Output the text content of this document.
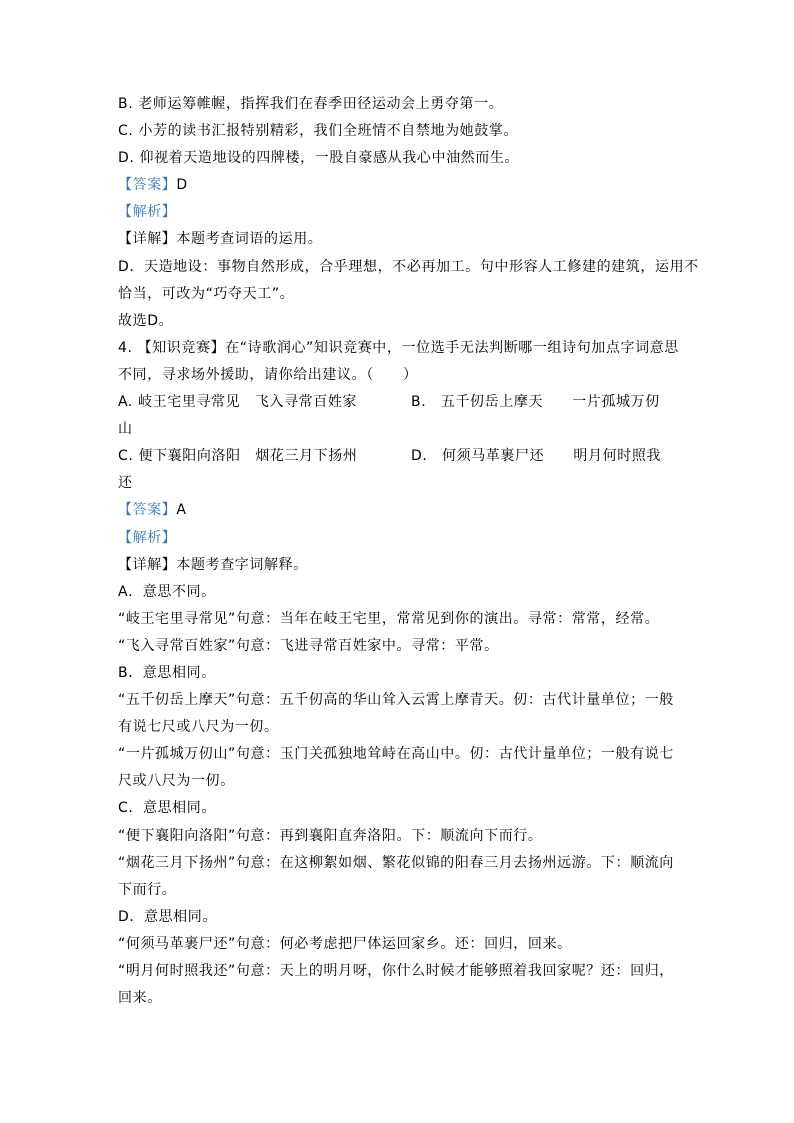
B. 老师运筹帷幄，指挥我们在春季田径运动会上勇夺第一。
C. 小芳的读书汇报特别精彩，我们全班情不自禁地为她鼓掌。
D. 仰视着天造地设的四牌楼，一股自豪感从我心中油然而生。
【答案】D
【解析】
【详解】本题考查词语的运用。
D．天造地设：事物自然形成，合乎理想，不必再加工。句中形容人工修建的建筑，运用不
恰当，可改为“巧夺天工”。
故选D。
4. 【知识竞赛】在“诗歌润心”知识竞赛中，一位选手无法判断哪一组诗句加点字词意思
不同，寻求场外援助，请你给出建议。（　　）
A. 岐王宅里寻常见　飞入寻常百姓家	B.　五千仞岳上摩天　　一片孤城万仞
山
C. 便下襄阳向洛阳　烟花三月下扬州	D.　何须马革裹尸还　　明月何时照我
还
【答案】A
【解析】
【详解】本题考查字词解释。
A．意思不同。
“岐王宅里寻常见”句意：当年在岐王宅里，常常见到你的演出。寻常：常常，经常。
“飞入寻常百姓家”句意：飞进寻常百姓家中。寻常：平常。
B．意思相同。
“五千仞岳上摩天”句意：五千仞高的华山耸入云霄上摩青天。仞：古代计量单位；一般
有说七尺或八尺为一仞。
“一片孤城万仞山”句意：玉门关孤独地耸峙在高山中。仞：古代计量单位；一般有说七
尺或八尺为一仞。
C．意思相同。
“便下襄阳向洛阳”句意：再到襄阳直奔洛阳。下：顺流向下而行。
“烟花三月下扬州”句意：在这柳絮如烟、繁花似锦的阳春三月去扬州远游。下：顺流向
下而行。
D．意思相同。
“何须马革裹尸还”句意：何必考虑把尸体运回家乡。还：回归，回来。
“明月何时照我还”句意：天上的明月呀，你什么时候才能够照着我回家呢？还：回归，
回来。
